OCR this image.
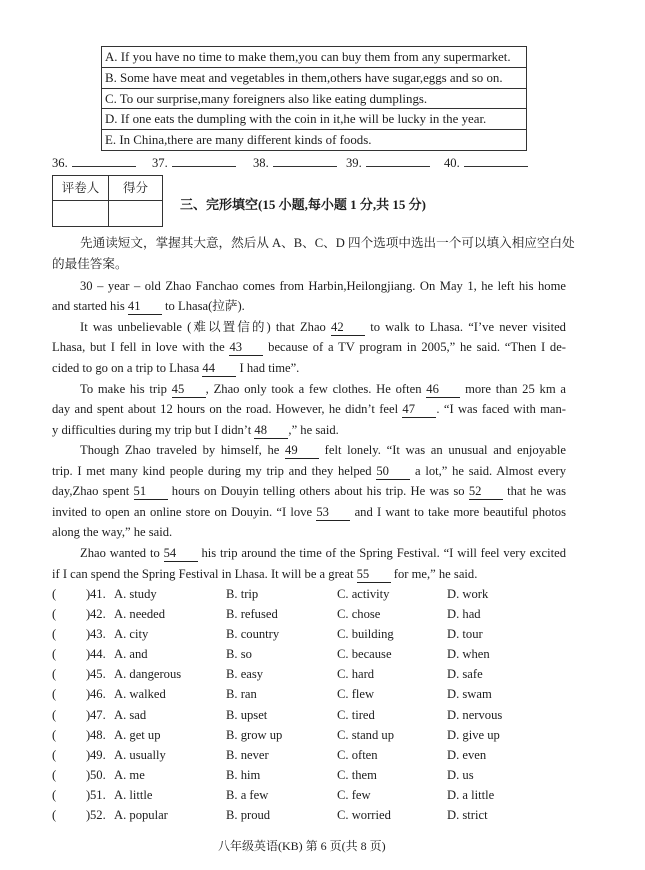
A. If you have no time to make them,you can buy them from any supermarket.
B. Some have meat and vegetables in them,others have sugar,eggs and so on.
C. To our surprise,many foreigners also like eating dumplings.
D. If one eats the dumpling with the coin in it,he will be lucky in the year.
E. In China,there are many different kinds of foods.
36.	37.	38.	39.	40.
评卷人	得分
三、完形填空(15 小题,每小题 1 分,共 15 分)
先通读短文，掌握其大意，然后从 A、B、C、D 四个选项中选出一个可以填入相应空白处
的最佳答案。
30 – year – old Zhao Fanchao comes from Harbin,Heilongjiang. On May 1, he left his home
and started his 41 to Lhasa(拉萨).
It was unbelievable (难以置信的) that Zhao 42 to walk to Lhasa. “I’ve never visited
Lhasa, but I fell in love with the 43 because of a TV program in 2005,” he said. “Then I de-
cided to go on a trip to Lhasa 44 I had time”.
To make his trip 45 , Zhao only took a few clothes. He often 46 more than 25 km a
day and spent about 12 hours on the road. However, he didn’t feel 47 . “I was faced with man-
y difficulties during my trip but I didn’t 48 ,” he said.
Though Zhao traveled by himself, he 49 felt lonely. “It was an unusual and enjoyable
trip. I met many kind people during my trip and they helped 50 a lot,” he said. Almost every
day,Zhao spent 51 hours on Douyin telling others about his trip. He was so 52 that he was
invited to open an online store on Douyin. “I love 53 and I want to take more beautiful photos
along the way,” he said.
Zhao wanted to 54 his trip around the time of the Spring Festival. “I will feel very excited
if I can spend the Spring Festival in Lhasa. It will be a great 55 for me,” he said.
( ) 41. A. study	B. trip	C. activity	D. work
( ) 42. A. needed	B. refused	C. chose	D. had
( ) 43. A. city	B. country	C. building	D. tour
( ) 44. A. and	B. so	C. because	D. when
( ) 45. A. dangerous	B. easy	C. hard	D. safe
( ) 46. A. walked	B. ran	C. flew	D. swam
( ) 47. A. sad	B. upset	C. tired	D. nervous
( ) 48. A. get up	B. grow up	C. stand up	D. give up
( ) 49. A. usually	B. never	C. often	D. even
( ) 50. A. me	B. him	C. them	D. us
( ) 51. A. little	B. a few	C. few	D. a little
( ) 52. A. popular	B. proud	C. worried	D. strict
八年级英语(KB) 第 6 页(共 8 页)
